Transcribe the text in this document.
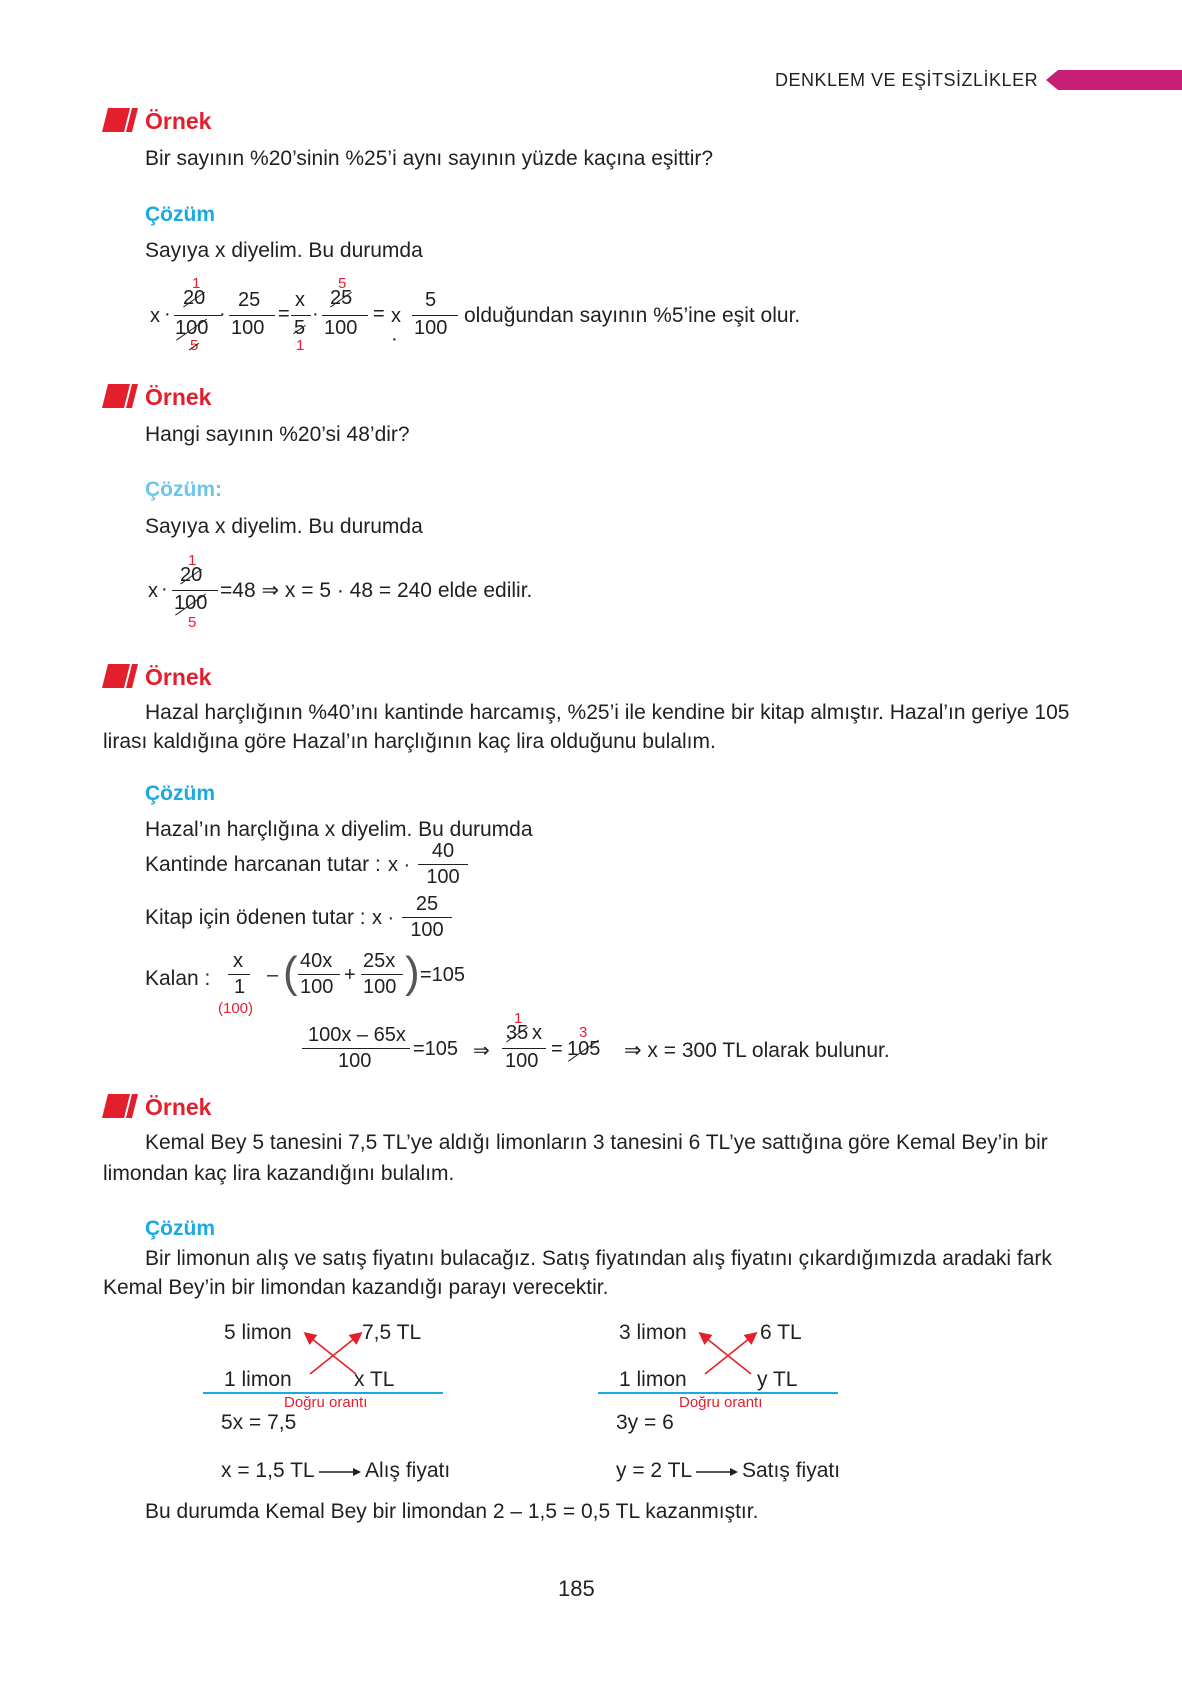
DENKLEM VE EŞİTSİZLİKLER
Örnek
Bir sayının %20’sinin %25’i aynı sayının yüzde kaçına eşittir?
Çözüm
Sayıya x diyelim. Bu durumda
1	5
x ·
20
100
5
·
25
100
=
x
5
1
·
25
100
= x ·
5
100
olduğundan sayının %5’ine eşit olur.
Örnek
Hangi sayının %20’si 48’dir?
Çözüm:
Sayıya x diyelim. Bu durumda
1
x ·
20
100
5
=48 ⇒ x = 5 · 48 = 240 elde edilir.
Örnek
Hazal harçlığının %40’ını kantinde harcamış, %25’i ile kendine bir kitap almıştır. Hazal’ın geriye 105
lirası kaldığına göre Hazal’ın harçlığının kaç lira olduğunu bulalım.
Çözüm
Hazal’ın harçlığına x diyelim. Bu durumda
Kantinde harcanan tutar : x ·
40
100
Kitap için ödenen tutar : x ·
25
100
Kalan :
x
1
(100)
– ( 40x
100
+
25x
100 ) =105
100x – 65x
100
=105 ⇒
1
35 x
100
=
3
105 ⇒ x = 300 TL olarak bulunur.
Örnek
Kemal Bey 5 tanesini 7,5 TL’ye aldığı limonların 3 tanesini 6 TL’ye sattığına göre Kemal Bey’in bir
limondan kaç lira kazandığını bulalım.
Çözüm
Bir limonun alış ve satış fiyatını bulacağız. Satış fiyatından alış fiyatını çıkardığımızda aradaki fark
Kemal Bey’in bir limondan kazandığı parayı verecektir.
5 limon	7,5 TL
1 limon	x TL
Doğru orantı
5x = 7,5
x = 1,5 TL Alış fiyatı
3 limon	6 TL
1 limon	y TL
Doğru orantı
3y = 6
y = 2 TL Satış fiyatı
Bu durumda Kemal Bey bir limondan 2 – 1,5 = 0,5 TL kazanmıştır.
185
